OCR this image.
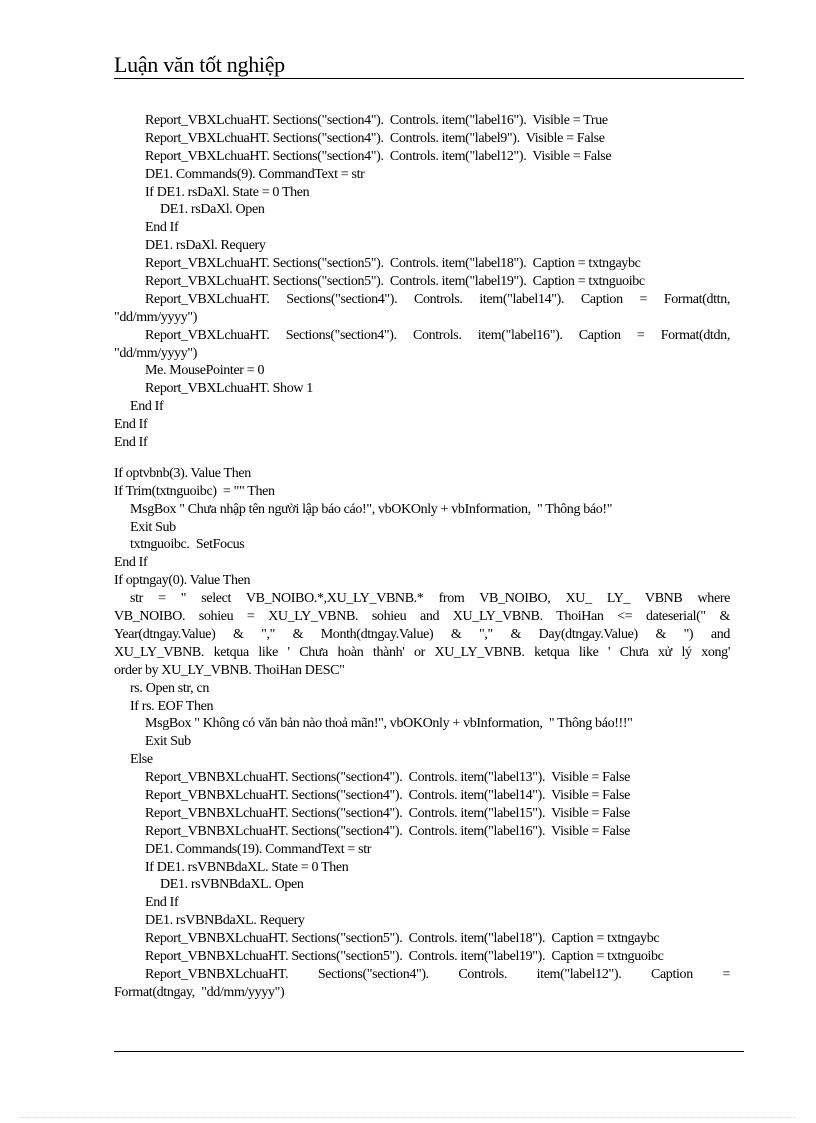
Luận văn tốt nghiệp
Report_VBXLchuaHT. Sections("section4").  Controls. item("label16").  Visible = True
Report_VBXLchuaHT. Sections("section4").  Controls. item("label9").  Visible = False
Report_VBXLchuaHT. Sections("section4").  Controls. item("label12").  Visible = False
DE1. Commands(9). CommandText = str
If DE1. rsDaXl. State = 0 Then
DE1. rsDaXl. Open
End If
DE1. rsDaXl. Requery
Report_VBXLchuaHT. Sections("section5").  Controls. item("label18").  Caption = txtngaybc
Report_VBXLchuaHT. Sections("section5").  Controls. item("label19").  Caption = txtnguoibc
Report_VBXLchuaHT. Sections("section4"). Controls. item("label14"). Caption = Format(dttn,
"dd/mm/yyyy")
Report_VBXLchuaHT. Sections("section4"). Controls. item("label16"). Caption = Format(dtdn,
"dd/mm/yyyy")
Me. MousePointer = 0
Report_VBXLchuaHT. Show 1
End If
End If
End If
If optvbnb(3). Value Then
If Trim(txtnguoibc)  = "" Then
MsgBox " Chưa nhập tên người lập báo cáo!", vbOKOnly + vbInformation,  " Thông báo!"
Exit Sub
txtnguoibc.  SetFocus
End If
If optngay(0). Value Then
str = " select VB_NOIBO.*,XU_LY_VBNB.* from VB_NOIBO, XU_ LY_ VBNB where
VB_NOIBO. sohieu = XU_LY_VBNB. sohieu and XU_LY_VBNB. ThoiHan <= dateserial(" &
Year(dtngay.Value) & "," & Month(dtngay.Value) & "," & Day(dtngay.Value) & ") and
XU_LY_VBNB. ketqua like ' Chưa hoàn thành' or XU_LY_VBNB. ketqua like ' Chưa xử lý xong'
order by XU_LY_VBNB. ThoiHan DESC"
rs. Open str, cn
If rs. EOF Then
MsgBox " Không có văn bản nào thoả mãn!", vbOKOnly + vbInformation,  " Thông báo!!!"
Exit Sub
Else
Report_VBNBXLchuaHT. Sections("section4").  Controls. item("label13").  Visible = False
Report_VBNBXLchuaHT. Sections("section4").  Controls. item("label14").  Visible = False
Report_VBNBXLchuaHT. Sections("section4").  Controls. item("label15").  Visible = False
Report_VBNBXLchuaHT. Sections("section4").  Controls. item("label16").  Visible = False
DE1. Commands(19). CommandText = str
If DE1. rsVBNBdaXL. State = 0 Then
DE1. rsVBNBdaXL. Open
End If
DE1. rsVBNBdaXL. Requery
Report_VBNBXLchuaHT. Sections("section5").  Controls. item("label18").  Caption = txtngaybc
Report_VBNBXLchuaHT. Sections("section5").  Controls. item("label19").  Caption = txtnguoibc
Report_VBNBXLchuaHT. Sections("section4"). Controls. item("label12"). Caption =
Format(dtngay,  "dd/mm/yyyy")
